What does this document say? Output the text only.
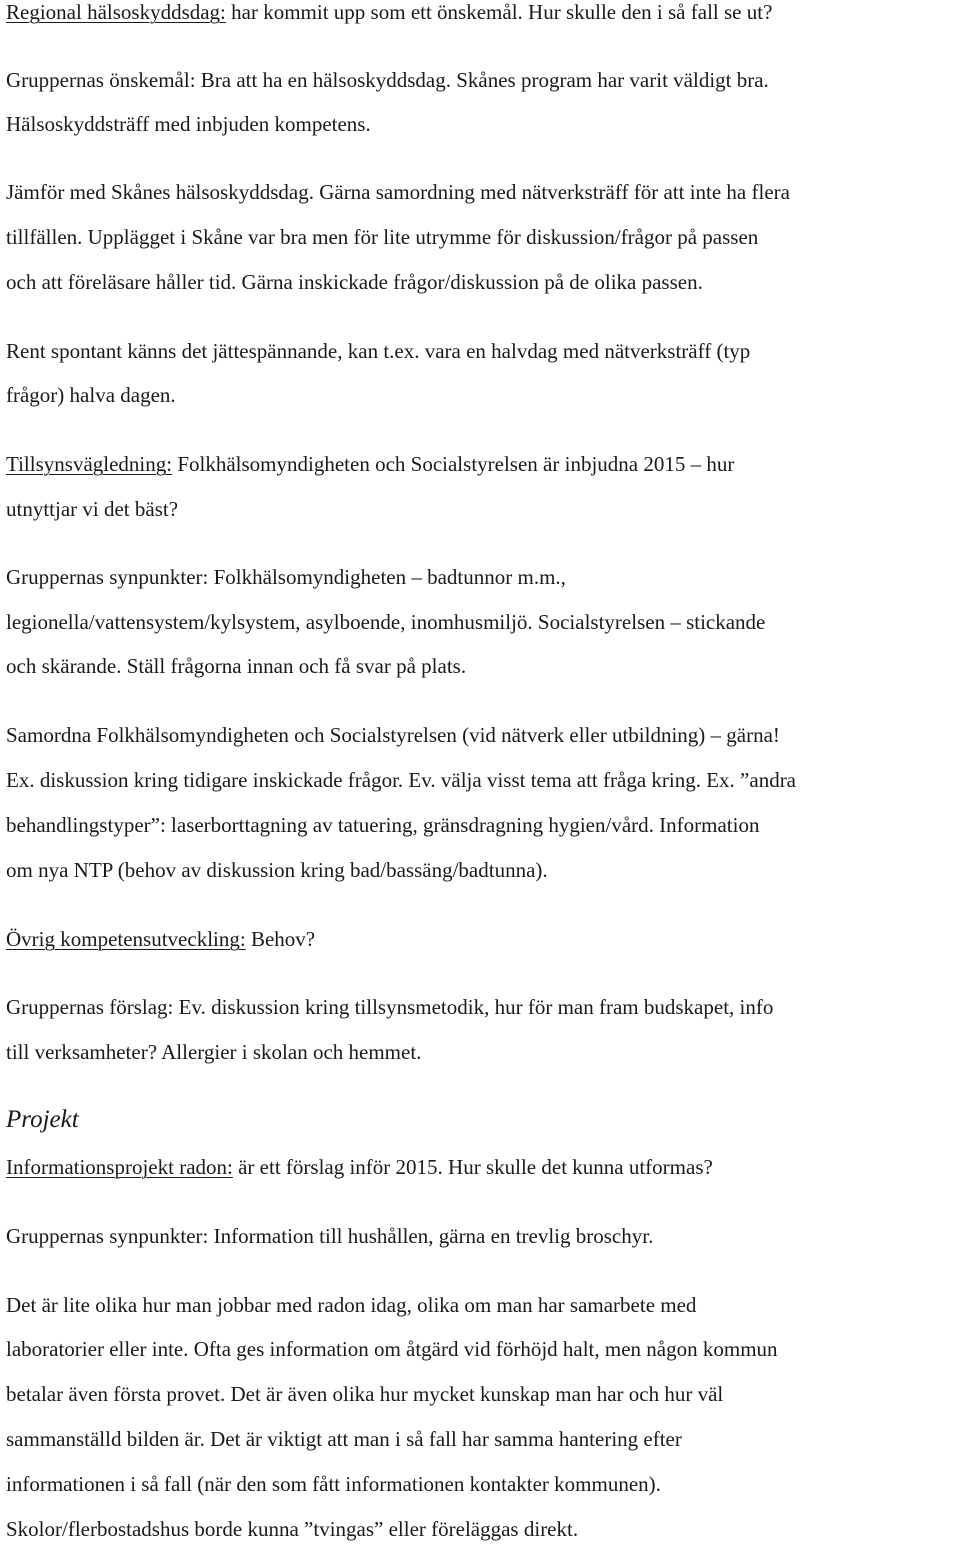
Regional hälsoskyddsdag: har kommit upp som ett önskemål. Hur skulle den i så fall se ut?
Gruppernas önskemål: Bra att ha en hälsoskyddsdag. Skånes program har varit väldigt bra.
Hälsoskyddsträff med inbjuden kompetens.
Jämför med Skånes hälsoskyddsdag. Gärna samordning med nätverksträff för att inte ha flera
tillfällen. Upplägget i Skåne var bra men för lite utrymme för diskussion/frågor på passen
och att föreläsare håller tid. Gärna inskickade frågor/diskussion på de olika passen.
Rent spontant känns det jättespännande, kan t.ex. vara en halvdag med nätverksträff (typ
frågor) halva dagen.
Tillsynsvägledning: Folkhälsomyndigheten och Socialstyrelsen är inbjudna 2015 – hur
utnyttjar vi det bäst?
Gruppernas synpunkter: Folkhälsomyndigheten – badtunnor m.m.,
legionella/vattensystem/kylsystem, asylboende, inomhusmiljö. Socialstyrelsen – stickande
och skärande. Ställ frågorna innan och få svar på plats.
Samordna Folkhälsomyndigheten och Socialstyrelsen (vid nätverk eller utbildning) – gärna!
Ex. diskussion kring tidigare inskickade frågor. Ev. välja visst tema att fråga kring. Ex. ”andra
behandlingstyper”: laserborttagning av tatuering, gränsdragning hygien/vård. Information
om nya NTP (behov av diskussion kring bad/bassäng/badtunna).
Övrig kompetensutveckling: Behov?
Gruppernas förslag: Ev. diskussion kring tillsynsmetodik, hur för man fram budskapet, info
till verksamheter? Allergier i skolan och hemmet.
Projekt
Informationsprojekt radon: är ett förslag inför 2015. Hur skulle det kunna utformas?
Gruppernas synpunkter: Information till hushållen, gärna en trevlig broschyr.
Det är lite olika hur man jobbar med radon idag, olika om man har samarbete med
laboratorier eller inte. Ofta ges information om åtgärd vid förhöjd halt, men någon kommun
betalar även första provet. Det är även olika hur mycket kunskap man har och hur väl
sammanställd bilden är. Det är viktigt att man i så fall har samma hantering efter
informationen i så fall (när den som fått informationen kontakter kommunen).
Skolor/flerbostadshus borde kunna ”tvingas” eller föreläggas direkt.
